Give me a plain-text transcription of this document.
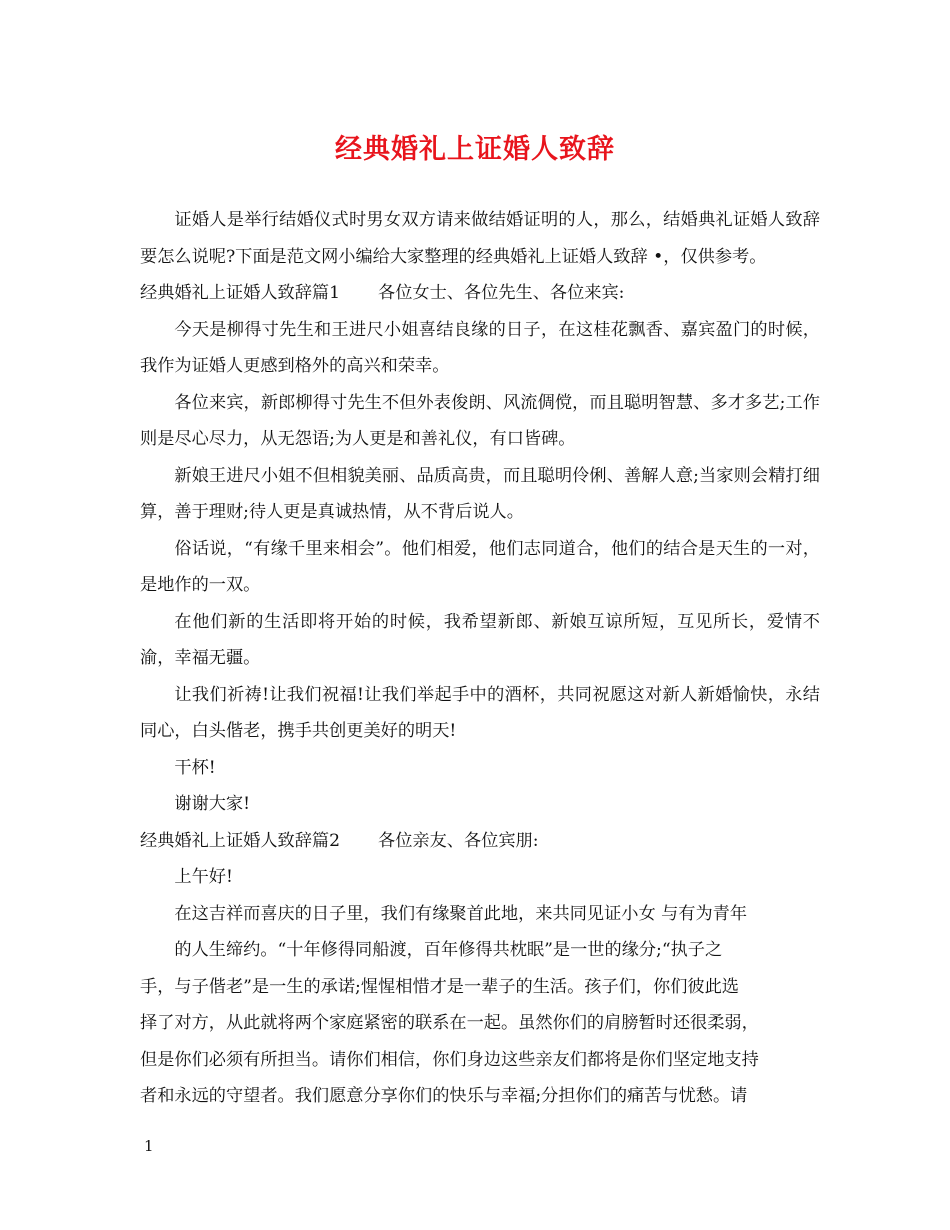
经典婚礼上证婚人致辞

证婚人是举行结婚仪式时男女双方请来做结婚证明的人，那么，结婚典礼证婚人致辞要怎么说呢?下面是范文网小编给大家整理的经典婚礼上证婚人致辞 •，仅供参考。

经典婚礼上证婚人致辞篇1 各位女士、各位先生、各位来宾:

今天是柳得寸先生和王进尺小姐喜结良缘的日子，在这桂花飘香、嘉宾盈门的时候，我作为证婚人更感到格外的高兴和荣幸。

各位来宾，新郎柳得寸先生不但外表俊朗、风流倜傥，而且聪明智慧、多才多艺;工作则是尽心尽力，从无怨语;为人更是和善礼仪，有口皆碑。

新娘王进尺小姐不但相貌美丽、品质高贵，而且聪明伶俐、善解人意;当家则会精打细算，善于理财;待人更是真诚热情，从不背后说人。

俗话说，“有缘千里来相会”。他们相爱，他们志同道合，他们的结合是天生的一对，是地作的一双。

在他们新的生活即将开始的时候，我希望新郎、新娘互谅所短，互见所长，爱情不渝，幸福无疆。

让我们祈祷!让我们祝福!让我们举起手中的酒杯，共同祝愿这对新人新婚愉快，永结同心，白头偕老，携手共创更美好的明天!

干杯!

谢谢大家!

经典婚礼上证婚人致辞篇2 各位亲友、各位宾朋:

上午好!

在这吉祥而喜庆的日子里，我们有缘聚首此地，来共同见证小女 与有为青年

的人生缔约。“十年修得同船渡，百年修得共枕眠”是一世的缘分;“执子之

手，与子偕老”是一生的承诺;惺惺相惜才是一辈子的生活。孩子们，你们彼此选

择了对方，从此就将两个家庭紧密的联系在一起。虽然你们的肩膀暂时还很柔弱，

但是你们必须有所担当。请你们相信，你们身边这些亲友们都将是你们坚定地支持

者和永远的守望者。我们愿意分享你们的快乐与幸福;分担你们的痛苦与忧愁。请

1
